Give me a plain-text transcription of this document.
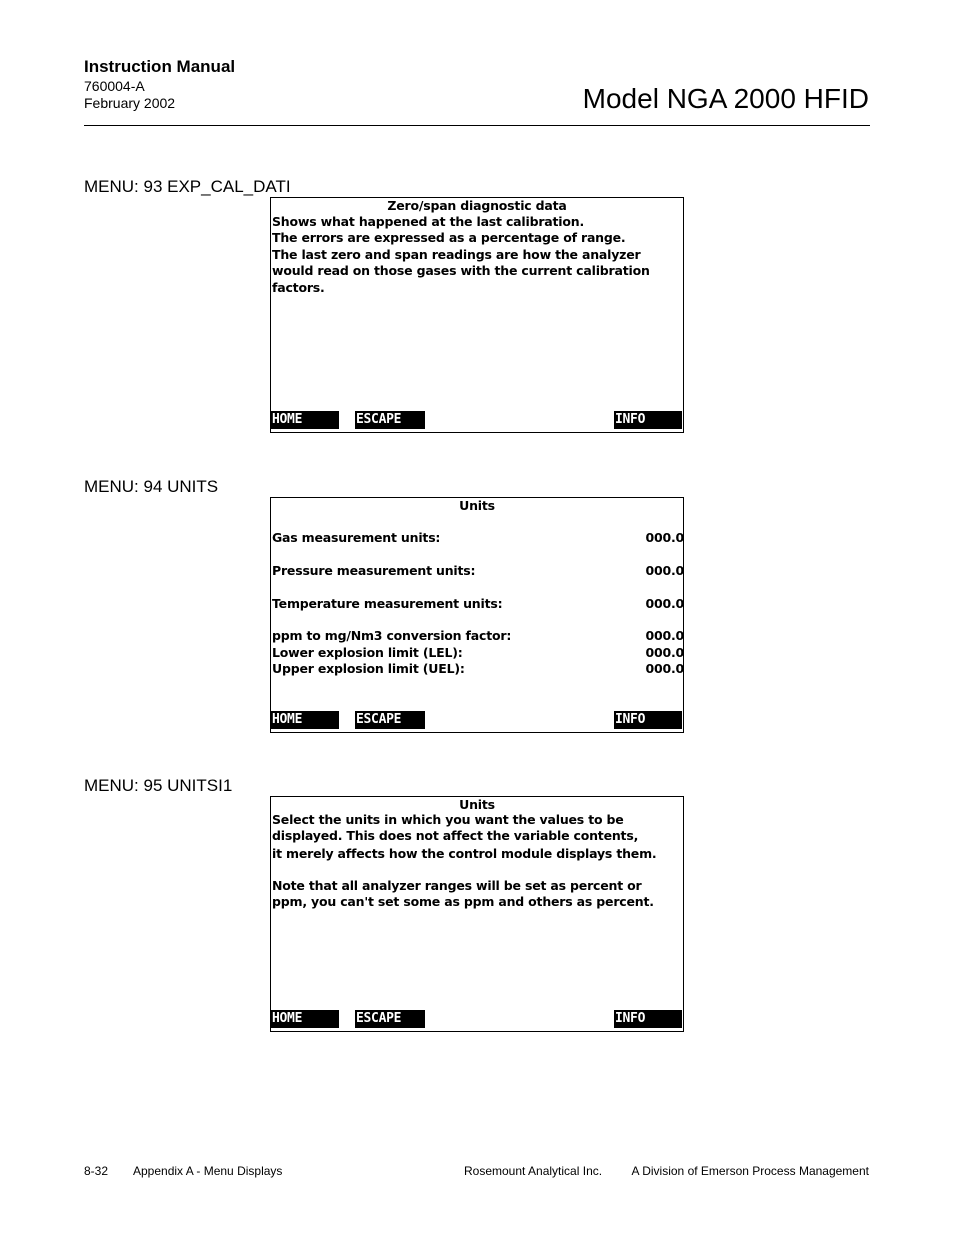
Instruction Manual
760004-A
February 2002	Model NGA 2000 HFID
MENU: 93 EXP_CAL_DATI
Zero/span diagnostic data
Shows what happened at the last calibration.
The errors are expressed as a percentage of range.
The last zero and span readings are how the analyzer
would read on those gases with the current calibration
factors.
HOME	ESCAPE	INFO
MENU: 94 UNITS
Units
Gas measurement units:	000.0
Pressure measurement units:	000.0
Temperature measurement units:	000.0
ppm to mg/Nm3 conversion factor:	000.0
Lower explosion limit (LEL):	000.0
Upper explosion limit (UEL):	000.0
HOME	ESCAPE	INFO
MENU: 95 UNITSI1
Units
Select the units in which you want the values to be
displayed. This does not affect the variable contents,
it merely affects how the control module displays them.
Note that all analyzer ranges will be set as percent or
ppm, you can't set some as ppm and others as percent.
HOME	ESCAPE	INFO
8-32 Appendix A - Menu Displays	Rosemount Analytical Inc. A Division of Emerson Process Management
